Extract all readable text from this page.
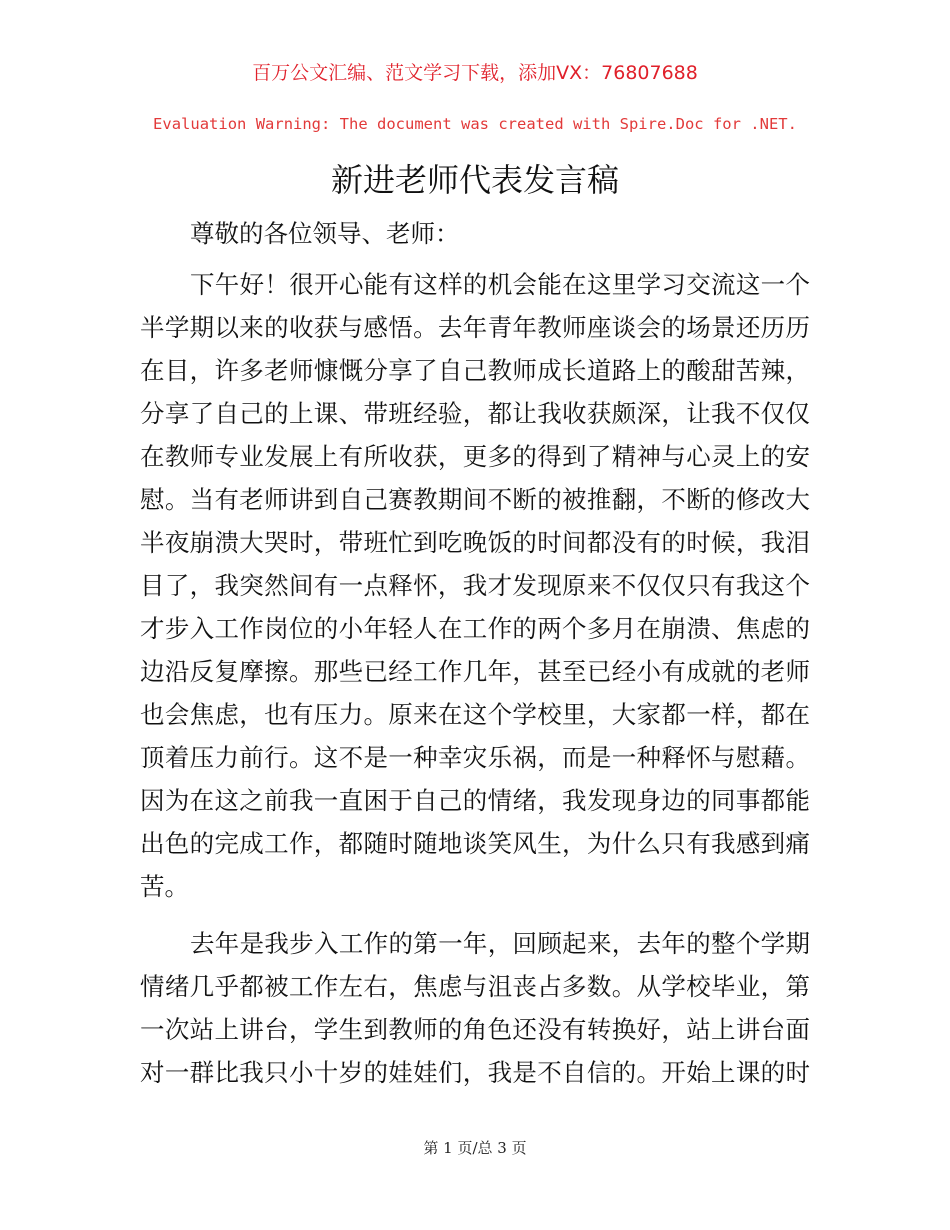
百万公文汇编、范文学习下载，添加VX：76807688
Evaluation Warning: The document was created with Spire.Doc for .NET.
新进老师代表发言稿
尊敬的各位领导、老师：
下午好！很开心能有这样的机会能在这里学习交流这一个
半学期以来的收获与感悟。去年青年教师座谈会的场景还历历
在目，许多老师慷慨分享了自己教师成长道路上的酸甜苦辣，
分享了自己的上课、带班经验，都让我收获颇深，让我不仅仅
在教师专业发展上有所收获，更多的得到了精神与心灵上的安
慰。当有老师讲到自己赛教期间不断的被推翻，不断的修改大
半夜崩溃大哭时，带班忙到吃晚饭的时间都没有的时候，我泪
目了，我突然间有一点释怀，我才发现原来不仅仅只有我这个
才步入工作岗位的小年轻人在工作的两个多月在崩溃、焦虑的
边沿反复摩擦。那些已经工作几年，甚至已经小有成就的老师
也会焦虑，也有压力。原来在这个学校里，大家都一样，都在
顶着压力前行。这不是一种幸灾乐祸，而是一种释怀与慰藉。
因为在这之前我一直困于自己的情绪，我发现身边的同事都能
出色的完成工作，都随时随地谈笑风生，为什么只有我感到痛
苦。
去年是我步入工作的第一年，回顾起来，去年的整个学期
情绪几乎都被工作左右，焦虑与沮丧占多数。从学校毕业，第
一次站上讲台，学生到教师的角色还没有转换好，站上讲台面
对一群比我只小十岁的娃娃们，我是不自信的。开始上课的时
第 1 页/总 3 页
